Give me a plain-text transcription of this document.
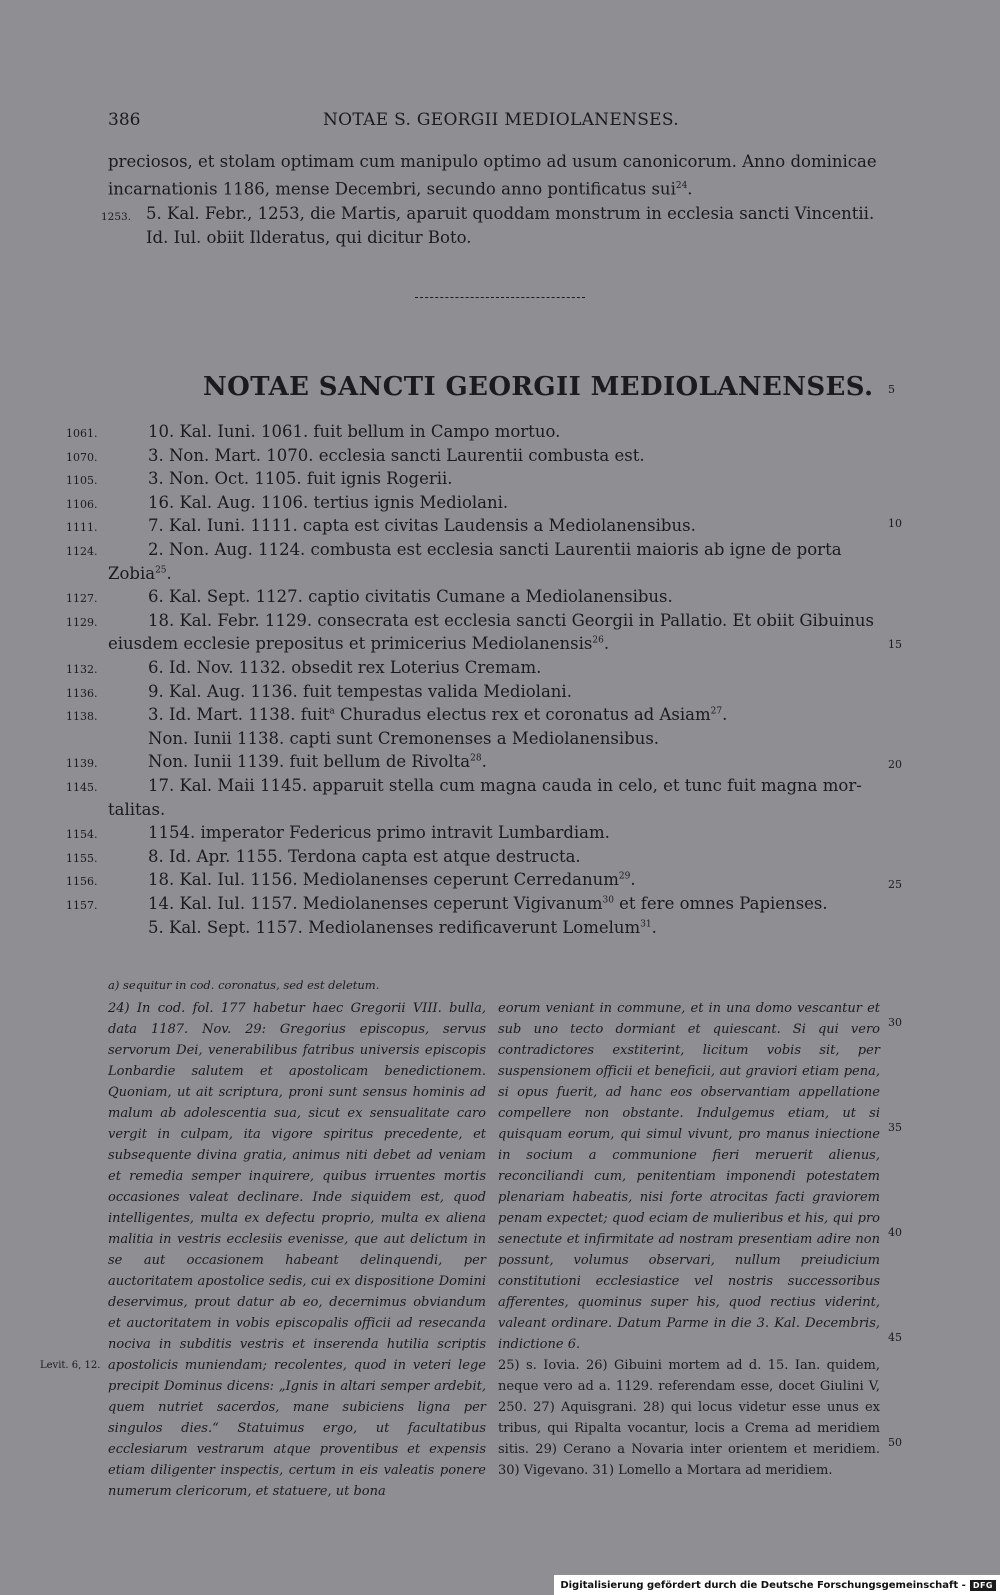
386	NOTAE S. GEORGII MEDIOLANENSES.

preciosos, et stolam optimam cum manipulo optimo ad usum canonicorum. Anno dominicae

incarnationis 1186, mense Decembri, secundo anno pontificatus sui$^{24}$.

1253. 5. Kal. Febr., 1253, die Martis, aparuit quoddam monstrum in ecclesia sancti Vincentii.

Id. Iul. obiit Ilderatus, qui dicitur Boto.

NOTAE SANCTI GEORGII MEDIOLANENSES. 5
1061.	10. Kal. Iuni. 1061. fuit bellum in Campo mortuo.
1070.	3. Non. Mart. 1070. ecclesia sancti Laurentii combusta est.
1105.	3. Non. Oct. 1105. fuit ignis Rogerii.
1106.	16. Kal. Aug. 1106. tertius ignis Mediolani.
1111.	7. Kal. Iuni. 1111. capta est civitas Laudensis a Mediolanensibus.
1124.	2. Non. Aug. 1124. combusta est ecclesia sancti Laurentii maioris ab igne de porta
Zobia$^{25}$.
1127.	6. Kal. Sept. 1127. captio civitatis Cumane a Mediolanensibus.
1129.	18. Kal. Febr. 1129. consecrata est ecclesia sancti Georgii in Pallatio. Et obiit Gibuinus
eiusdem ecclesie prepositus et primicerius Mediolanensis$^{26}$.
1132.	6. Id. Nov. 1132. obsedit rex Loterius Cremam.
1136.	9. Kal. Aug. 1136. fuit tempestas valida Mediolani.
1138.	3. Id. Mart. 1138. fuit$^a$ Churadus electus rex et coronatus ad Asiam$^{27}$.
Non. Iunii 1138. capti sunt Cremonenses a Mediolanensibus.
1139.	Non. Iunii 1139. fuit bellum de Rivolta$^{28}$.
1145.	17. Kal. Maii 1145. apparuit stella cum magna cauda in celo, et tunc fuit magna mor-
talitas.
1154.	1154. imperator Federicus primo intravit Lumbardiam.
1155.	8. Id. Apr. 1155. Terdona capta est atque destructa.
1156.	18. Kal. Iul. 1156. Mediolanenses ceperunt Cerredanum$^{29}$.
1157.	14. Kal. Iul. 1157. Mediolanenses ceperunt Vigivanum$^{30}$ et fere omnes Papienses.
5. Kal. Sept. 1157. Mediolanenses redificaverunt Lomelum$^{31}$.
10
15
20
25
a) sequitur in cod. coronatus, sed est deletum.

24) In cod. fol. 177 habetur haec Gregorii VIII. bulla, data 1187. Nov. 29: Gregorius episcopus, servus servorum Dei, venerabilibus fatribus universis episcopis Lonbardie salutem et apostolicam benedictionem. Quoniam, ut ait scriptura, proni sunt sensus hominis ad malum ab adolescentia sua, sicut ex sensualitate caro vergit in culpam, ita vigore spiritus precedente, et subsequente divina gratia, animus niti debet ad veniam et remedia semper inquirere, quibus irruentes mortis occasiones valeat declinare. Inde siquidem est, quod intelligentes, multa ex defectu proprio, multa ex aliena malitia in vestris ecclesiis evenisse, que aut delictum in se aut occasionem habeant delinquendi, per auctoritatem apostolice sedis, cui ex dispositione Domini deservimus, prout datur ab eo, decernimus obviandum et auctoritatem in vobis episcopalis officii ad resecanda nociva in subditis vestris et inserenda hutilia scriptis apostolicis muniendam; recolentes, quod in veteri lege precipit Dominus dicens: „Ignis in altari semper ardebit, quem nutriet sacerdos, mane subiciens ligna per singulos dies.“ Statuimus ergo, ut facultatibus ecclesiarum vestrarum atque proventibus et expensis etiam diligenter inspectis, certum in eis valeatis ponere numerum clericorum, et statuere, ut bona

Levit. 6, 12.

eorum veniant in commune, et in una domo vescantur et sub uno tecto dormiant et quiescant. Si qui vero contradictores exstiterint, licitum vobis sit, per suspensionem officii et beneficii, aut graviori etiam pena, si opus fuerit, ad hanc eos observantiam appellatione compellere non obstante. Indulgemus etiam, ut si quisquam eorum, qui simul vivunt, pro manus iniectione in socium a communione fieri meruerit alienus, reconciliandi cum, penitentiam imponendi potestatem plenariam habeatis, nisi forte atrocitas facti graviorem penam expectet; quod eciam de mulieribus et his, qui pro senectute et infirmitate ad nostram presentiam adire non possunt, volumus observari, nullum preiudicium constitutioni ecclesiastice vel nostris successoribus afferentes, quominus super his, quod rectius viderint, valeant ordinare. Datum Parme in die 3. Kal. Decembris, indictione 6.

25) s. Iovia. 26) Gibuini mortem ad d. 15. Ian. quidem, neque vero ad a. 1129. referendam esse, docet Giulini V, 250. 27) Aquisgrani. 28) qui locus videtur esse unus ex tribus, qui Ripalta vocantur, locis a Crema ad meridiem sitis. 29) Cerano a Novaria inter orientem et meridiem. 30) Vigevano. 31) Lomello a Mortara ad meridiem.

30
35
40
45
50
Digitalisierung gefördert durch die Deutsche Forschungsgemeinschaft - DFG
